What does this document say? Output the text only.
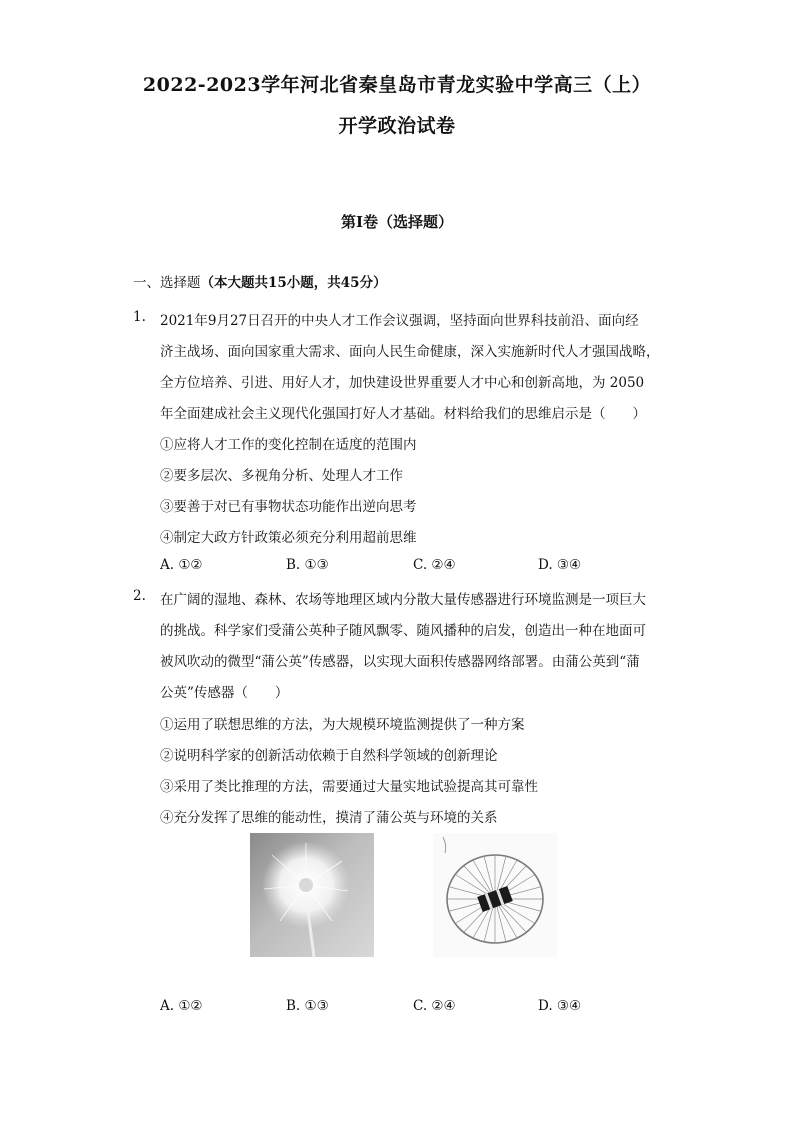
2022-2023学年河北省秦皇岛市青龙实验中学高三（上）
开学政治试卷
第I卷（选择题）
一、选择题（本大题共15小题，共45分）
1. 2021年9月27日召开的中央人才工作会议强调，坚持面向世界科技前沿、面向经
济主战场、面向国家重大需求、面向人民生命健康，深入实施新时代人才强国战略，
全方位培养、引进、用好人才，加快建设世界重要人才中心和创新高地，为 2050
年全面建成社会主义现代化强国打好人才基础。材料给我们的思维启示是（　　）
①应将人才工作的变化控制在适度的范围内
②要多层次、多视角分析、处理人才工作
③要善于对已有事物状态功能作出逆向思考
④制定大政方针政策必须充分利用超前思维
A. ①②	B. ①③	C. ②④	D. ③④
2. 在广阔的湿地、森林、农场等地理区域内分散大量传感器进行环境监测是一项巨大
的挑战。科学家们受蒲公英种子随风飘零、随风播种的启发，创造出一种在地面可
被风吹动的微型“蒲公英”传感器，以实现大面积传感器网络部署。由蒲公英到“蒲
公英”传感器（　　）
①运用了联想思维的方法，为大规模环境监测提供了一种方案
②说明科学家的创新活动依赖于自然科学领域的创新理论
③采用了类比推理的方法，需要通过大量实地试验提高其可靠性
④充分发挥了思维的能动性，摸清了蒲公英与环境的关系
A. ①②	B. ①③	C. ②④	D. ③④
